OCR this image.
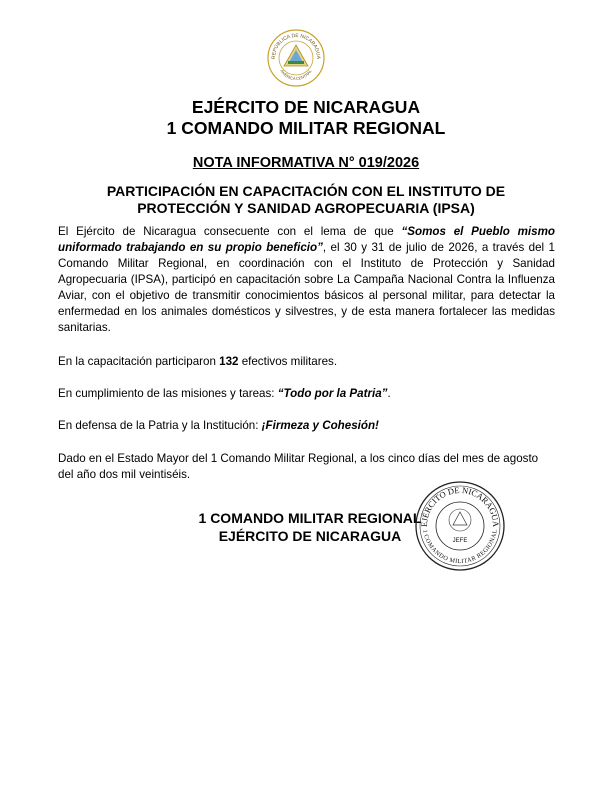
REPÚBLICA DE NICARAGUA
AMÉRICA CENTRAL
EJÉRCITO DE NICARAGUA
1 COMANDO MILITAR REGIONAL
NOTA INFORMATIVA N° 019/2026
PARTICIPACIÓN EN CAPACITACIÓN CON EL INSTITUTO DE
PROTECCIÓN Y SANIDAD AGROPECUARIA (IPSA)
El Ejército de Nicaragua consecuente con el lema de que “Somos el Pueblo mismo uniformado trabajando en su propio beneficio”, el 30 y 31 de julio de 2026, a través del 1 Comando Militar Regional, en coordinación con el Instituto de Protección y Sanidad Agropecuaria (IPSA), participó en capacitación sobre La Campaña Nacional Contra la Influenza Aviar, con el objetivo de transmitir conocimientos básicos al personal militar, para detectar la enfermedad en los animales domésticos y silvestres, y de esta manera fortalecer las medidas sanitarias.
En la capacitación participaron 132 efectivos militares.
En cumplimiento de las misiones y tareas: “Todo por la Patria”.
En defensa de la Patria y la Institución: ¡Firmeza y Cohesión!
Dado en el Estado Mayor del 1 Comando Militar Regional, a los cinco días del mes de agosto del año dos mil veintiséis.
1 COMANDO MILITAR REGIONAL
EJÉRCITO DE NICARAGUA
EJÉRCITO DE NICARAGUA
1 COMANDO MILITAR REGIONAL
JEFE
